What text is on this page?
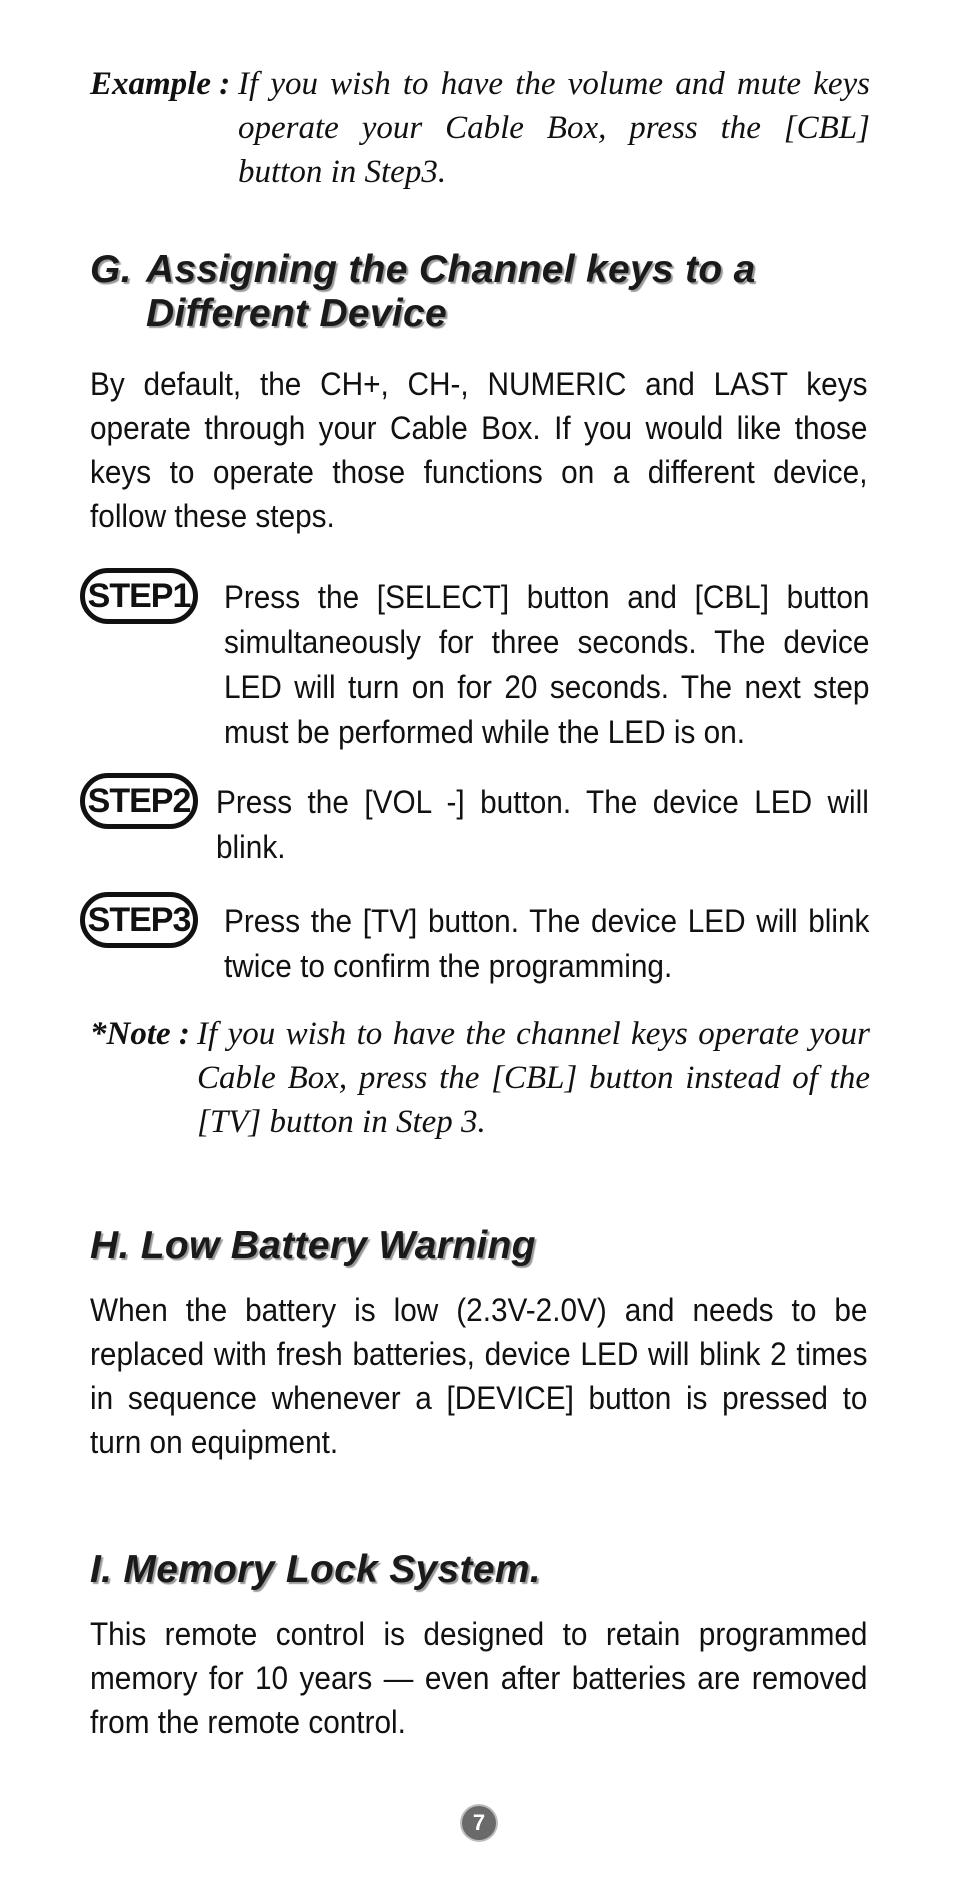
Example : If you wish to have the volume and mute keys operate your Cable Box, press the [CBL] button in Step3.
G. Assigning the Channel keys to a
Different Device
By default, the CH+, CH-, NUMERIC and LAST keys operate through your Cable Box. If you would like those keys to operate those functions on a different device, follow these steps.
STEP1 Press the [SELECT] button and [CBL] button simultaneously for three seconds. The device LED will turn on for 20 seconds. The next step must be performed while the LED is on.
STEP2 Press the [VOL -] button. The device LED will blink.
STEP3 Press the [TV] button. The device LED will blink twice to confirm the programming.
*Note : If you wish to have the channel keys operate your Cable Box, press the [CBL] button instead of the [TV] button in Step 3.
H. Low Battery Warning
When the battery is low (2.3V-2.0V) and needs to be replaced with fresh batteries, device LED will blink 2 times in sequence whenever a [DEVICE] button is pressed to turn on equipment.
I. Memory Lock System.
This remote control is designed to retain programmed memory for 10 years — even after batteries are removed from the remote control.
7
